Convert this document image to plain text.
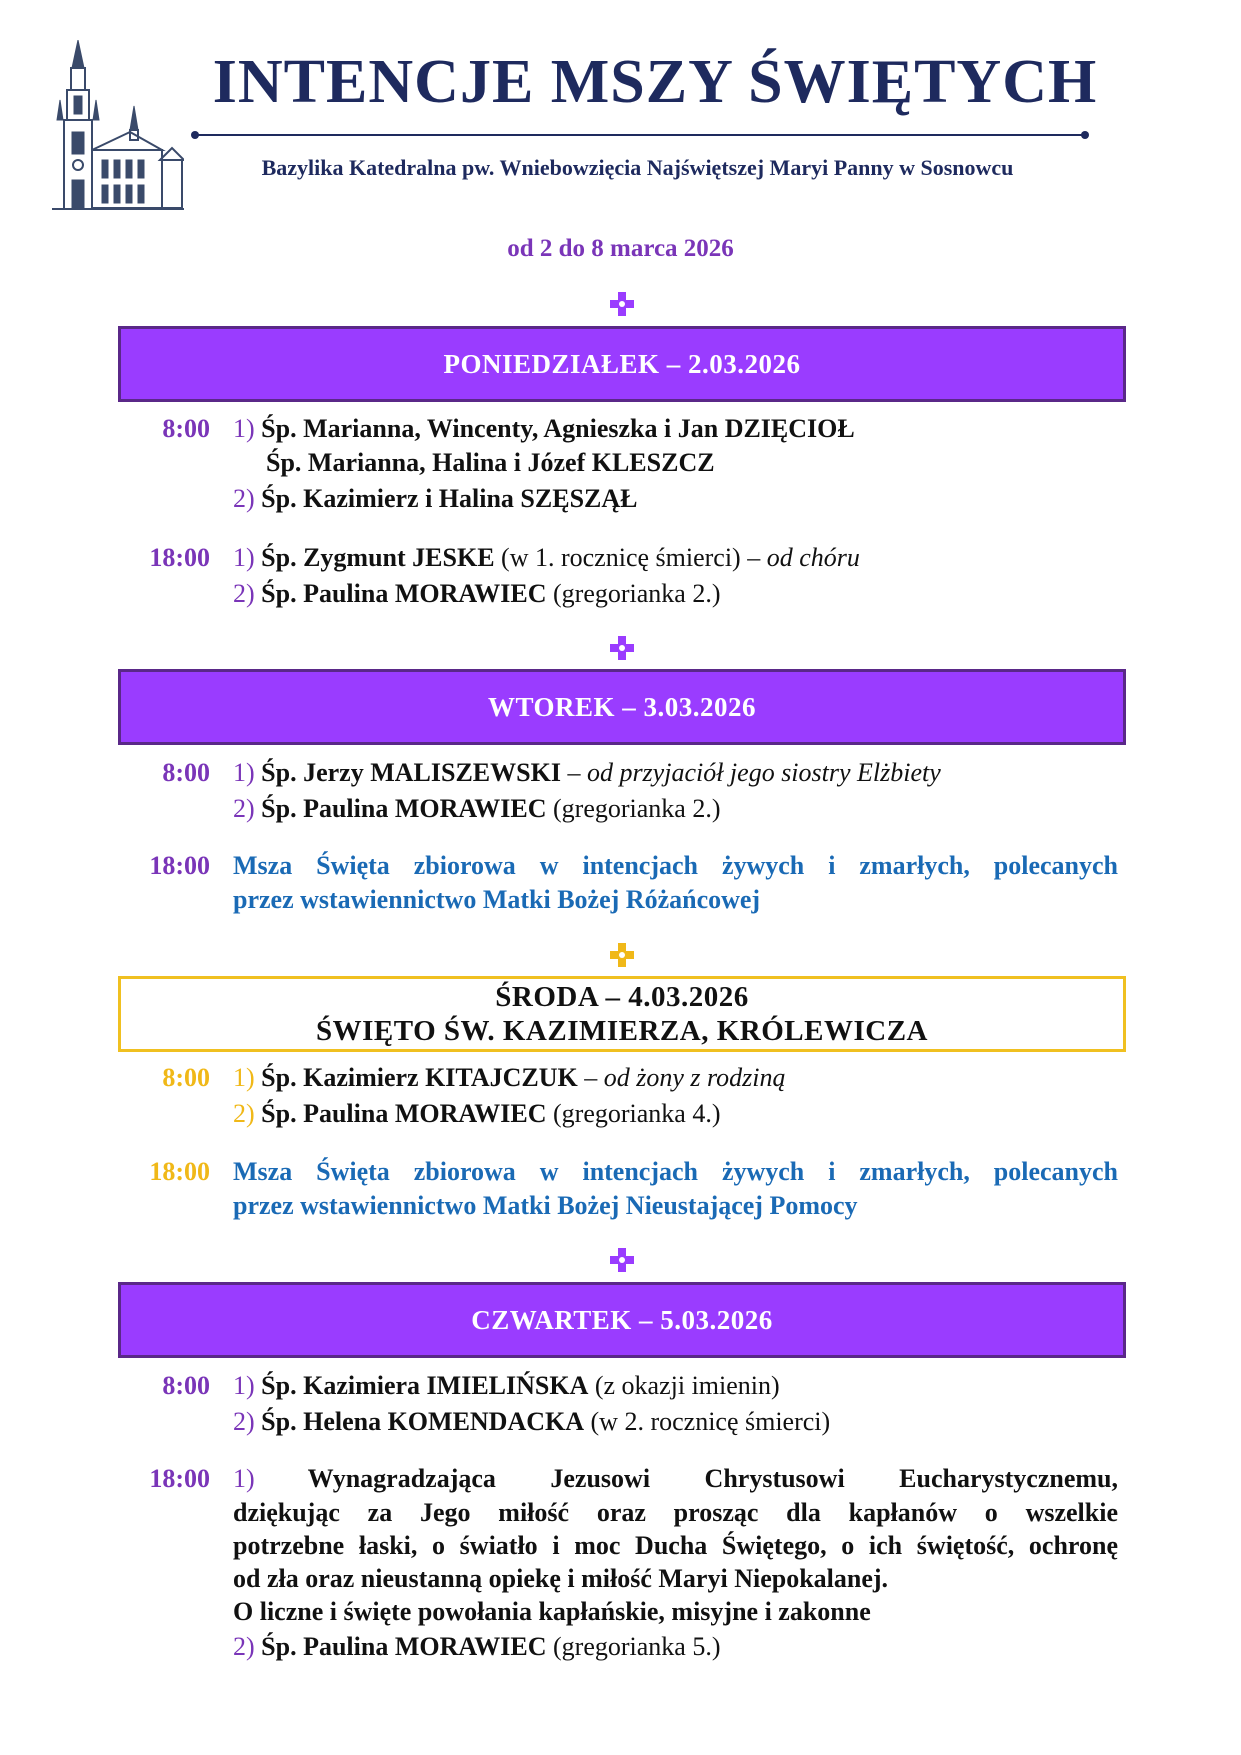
INTENCJE MSZY ŚWIĘTYCH
Bazylika Katedralna pw. Wniebowzięcia Najświętszej Maryi Panny w Sosnowcu
od 2 do 8 marca 2026
PONIEDZIAŁEK – 2.03.2026
8:00 1) Śp. Marianna, Wincenty, Agnieszka i Jan DZIĘCIOŁ
Śp. Marianna, Halina i Józef KLESZCZ
2) Śp. Kazimierz i Halina SZĘSZĄŁ
18:00 1) Śp. Zygmunt JESKE (w 1. rocznicę śmierci) – od chóru
2) Śp. Paulina MORAWIEC (gregorianka 2.)
WTOREK – 3.03.2026
8:00 1) Śp. Jerzy MALISZEWSKI – od przyjaciół jego siostry Elżbiety
2) Śp. Paulina MORAWIEC (gregorianka 2.)
18:00 Msza Święta zbiorowa w intencjach żywych i zmarłych, polecanych
przez wstawiennictwo Matki Bożej Różańcowej
ŚRODA – 4.03.2026
ŚWIĘTO ŚW. KAZIMIERZA, KRÓLEWICZA
8:00 1) Śp. Kazimierz KITAJCZUK – od żony z rodziną
2) Śp. Paulina MORAWIEC (gregorianka 4.)
18:00 Msza Święta zbiorowa w intencjach żywych i zmarłych, polecanych
przez wstawiennictwo Matki Bożej Nieustającej Pomocy
CZWARTEK – 5.03.2026
8:00 1) Śp. Kazimiera IMIELIŃSKA (z okazji imienin)
2) Śp. Helena KOMENDACKA (w 2. rocznicę śmierci)
18:00 1) Wynagradzająca Jezusowi Chrystusowi Eucharystycznemu,
dziękując za Jego miłość oraz prosząc dla kapłanów o wszelkie
potrzebne łaski, o światło i moc Ducha Świętego, o ich świętość, ochronę
od zła oraz nieustanną opiekę i miłość Maryi Niepokalanej.
O liczne i święte powołania kapłańskie, misyjne i zakonne
2) Śp. Paulina MORAWIEC (gregorianka 5.)
